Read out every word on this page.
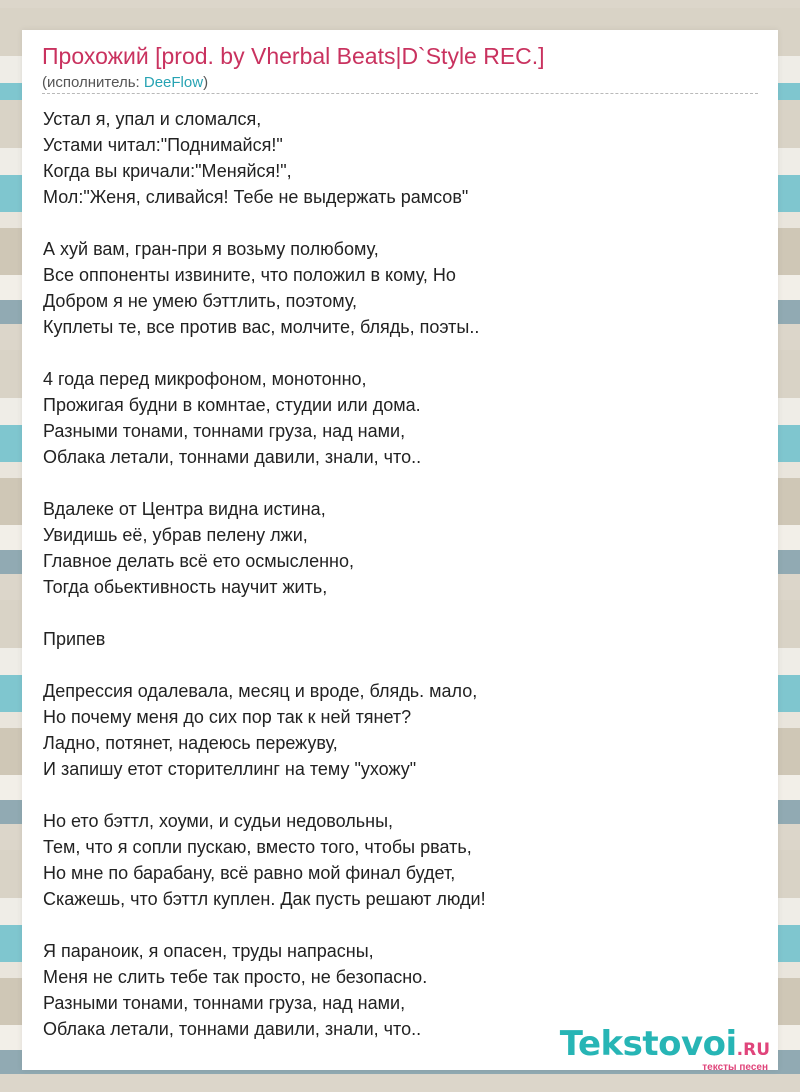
Прохожий [prod. by Vherbal Beats|D`Style REC.]
(исполнитель: DeeFlow)
Устал я, упал и сломался,
Устами читал:"Поднимайся!"
Когда вы кричали:"Меняйся!",
Мол:"Женя, сливайся! Тебе не выдержать рамсов"
А хуй вам, гран-при я возьму полюбому,
Все оппоненты извините, что положил в кому, Но
Добром я не умею бэттлить, поэтому,
Куплеты те, все против вас, молчите, блядь, поэты..
4 года перед микрофоном, монотонно,
Прожигая будни в комнтае, студии или дома.
Разными тонами, тоннами груза, над нами,
Облака летали, тоннами давили, знали, что..
Вдалеке от Центра видна истина,
Увидишь её, убрав пелену лжи,
Главное делать всё ето осмысленно,
Тогда обьективность научит жить,
Припев
Депрессия одалевала, месяц и вроде, блядь. мало,
Но почему меня до сих пор так к ней тянет?
Ладно, потянет, надеюсь пережуву,
И запишу етот сторителлинг на тему "ухожу"
Но ето бэттл, хоуми, и судьи недовольны,
Тем, что я сопли пускаю, вместо того, чтобы рвать,
Но мне по барабану, всё равно мой финал будет,
Скажешь, что бэттл куплен. Дак пусть решают люди!
Я параноик, я опасен, труды напрасны,
Меня не слить тебе так просто, не безопасно.
Разными тонами, тоннами груза, над нами,
Облака летали, тоннами давили, знали, что..	Tekstovoi.RU
тексты песен
